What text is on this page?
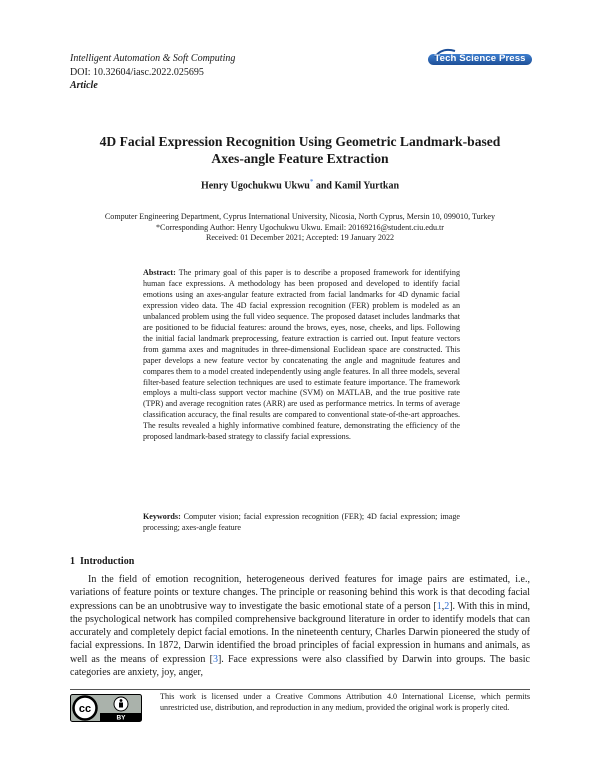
Intelligent Automation & Soft Computing
DOI: 10.32604/iasc.2022.025695
Article
Tech Science Press
4D Facial Expression Recognition Using Geometric Landmark-based
Axes-angle Feature Extraction
Henry Ugochukwu Ukwu* and Kamil Yurtkan
Computer Engineering Department, Cyprus International University, Nicosia, North Cyprus, Mersin 10, 099010, Turkey
*Corresponding Author: Henry Ugochukwu Ukwu. Email: 20169216@student.ciu.edu.tr
Received: 01 December 2021; Accepted: 19 January 2022
Abstract: The primary goal of this paper is to describe a proposed framework for identifying human face expressions. A methodology has been proposed and developed to identify facial emotions using an axes-angular feature extracted from facial landmarks for 4D dynamic facial expression video data. The 4D facial expression recognition (FER) problem is modeled as an unbalanced problem using the full video sequence. The proposed dataset includes landmarks that are positioned to be fiducial features: around the brows, eyes, nose, cheeks, and lips. Following the initial facial landmark preprocessing, feature extraction is carried out. Input feature vectors from gamma axes and magnitudes in three-dimensional Euclidean space are constructed. This paper develops a new feature vector by concatenating the angle and magnitude features and compares them to a model created independently using angle features. In all three models, several filter-based feature selection techniques are used to estimate feature importance. The framework employs a multi-class support vector machine (SVM) on MATLAB, and the true positive rate (TPR) and average recognition rates (ARR) are used as performance metrics. In terms of average classification accuracy, the final results are compared to conventional state-of-the-art approaches. The results revealed a highly informative combined feature, demonstrating the efficiency of the proposed landmark-based strategy to classify facial expressions.
Keywords: Computer vision; facial expression recognition (FER); 4D facial expression; image processing; axes-angle feature
1 Introduction
In the field of emotion recognition, heterogeneous derived features for image pairs are estimated, i.e., variations of feature points or texture changes. The principle or reasoning behind this work is that decoding facial expressions can be an unobtrusive way to investigate the basic emotional state of a person [1,2]. With this in mind, the psychological network has compiled comprehensive background literature in order to identify models that can accurately and completely depict facial emotions. In the nineteenth century, Charles Darwin pioneered the study of facial expressions. In 1872, Darwin identified the broad principles of facial expression in humans and animals, as well as the means of expression [3]. Face expressions were also classified by Darwin into groups. The basic categories are anxiety, joy, anger,
cc
BY
This work is licensed under a Creative Commons Attribution 4.0 International License, which permits unrestricted use, distribution, and reproduction in any medium, provided the original work is properly cited.
